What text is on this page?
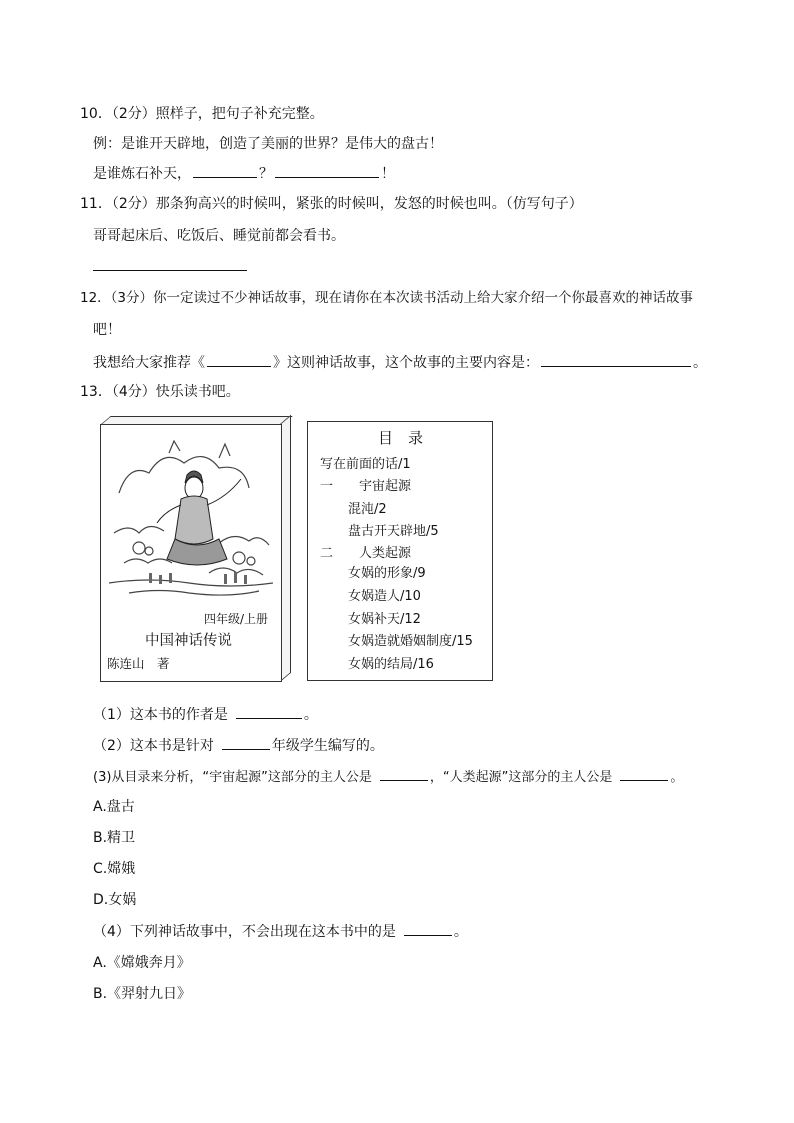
10．（2分）照样子，把句子补充完整。
例：是谁开天辟地，创造了美丽的世界？是伟大的盘古！
是谁炼石补天，	？	！
11．（2分）那条狗高兴的时候叫，紧张的时候叫，发怒的时候也叫。（仿写句子）
哥哥起床后、吃饭后、睡觉前都会看书。
12．（3分）你一定读过不少神话故事，现在请你在本次读书活动上给大家介绍一个你最喜欢的神话故事
吧！
我想给大家推荐《	》这则神话故事，这个故事的主要内容是：	。
13．（4分）快乐读书吧。
四年级/上册
中国神话传说
陈连山　著
目　录
写在前面的话/1
一　　宇宙起源
混沌/2
盘古开天辟地/5
二　　人类起源
女娲的形象/9
女娲造人/10
女娲补天/12
女娲造就婚姻制度/15
女娲的结局/16
（1）这本书的作者是	。
（2）这本书是针对	年级学生编写的。
(3)从目录来分析，“宇宙起源”这部分的主人公是	，“人类起源”这部分的主人公是	。
A.盘古
B.精卫
C.嫦娥
D.女娲
（4）下列神话故事中，不会出现在这本书中的是	。
A.《嫦娥奔月》
B.《羿射九日》
